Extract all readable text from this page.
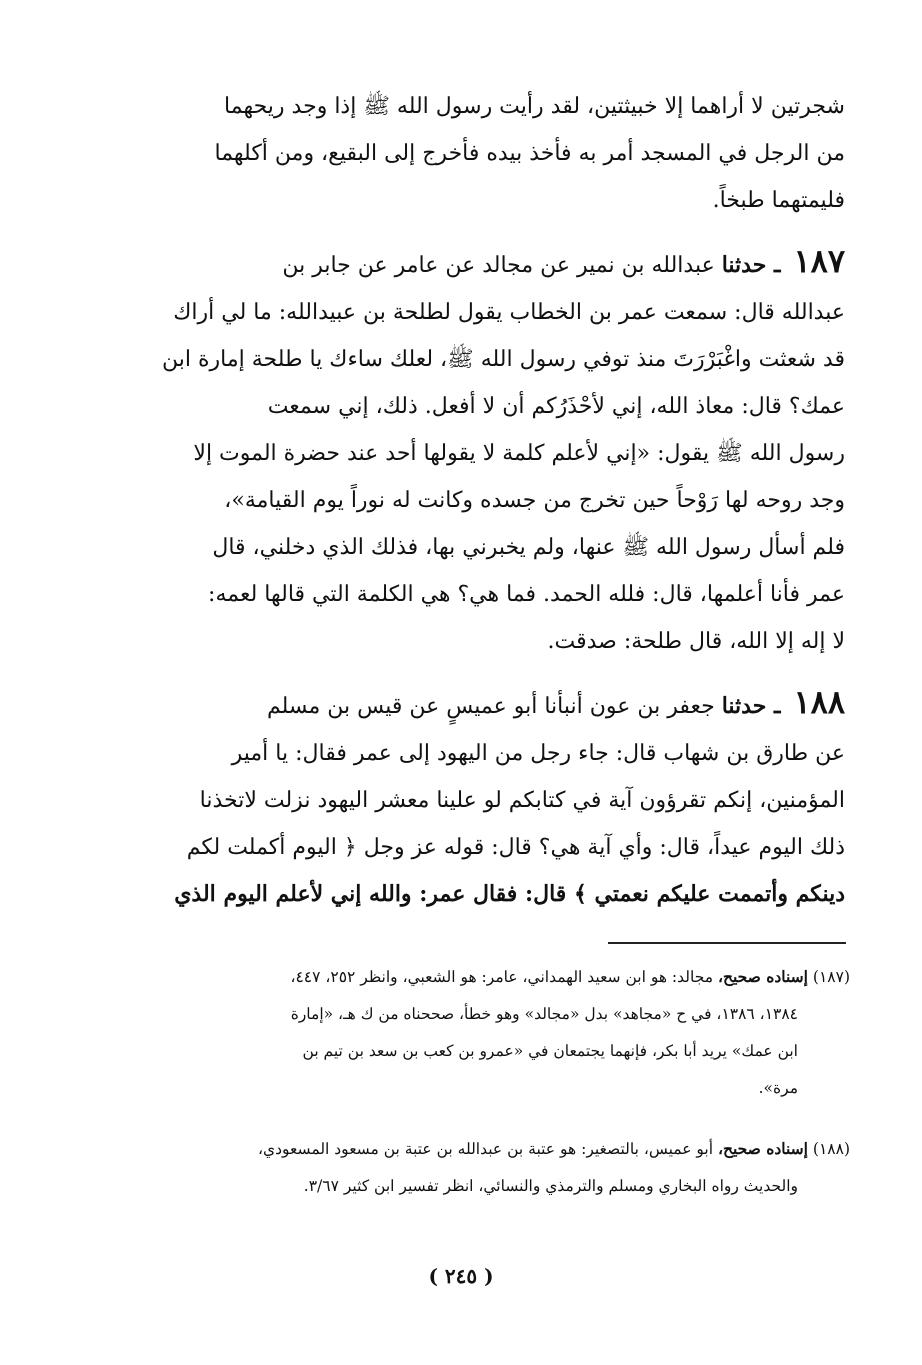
شجرتين لا أراهما إلا خبيثتين، لقد رأيت رسول الله ﷺ إذا وجد ريحهما
من الرجل في المسجد أمر به فأخذ بيده فأخرج إلى البقيع، ومن أكلهما
فليمتهما طبخاً.
١٨٧ ـ حدثنا عبدالله بن نمير عن مجالد عن عامر عن جابر بن
عبدالله قال: سمعت عمر بن الخطاب يقول لطلحة بن عبيدالله: ما لي أراك
قد شعثت واغْبَرْرَتَ منذ توفي رسول الله ﷺ، لعلك ساءك يا طلحة إمارة ابن
عمك؟ قال: معاذ الله، إني لأحْذَرُكم أن لا أفعل. ذلك، إني سمعت
رسول الله ﷺ يقول: «إني لأعلم كلمة لا يقولها أحد عند حضرة الموت إلا
وجد روحه لها رَوْحاً حين تخرج من جسده وكانت له نوراً يوم القيامة»،
فلم أسأل رسول الله ﷺ عنها، ولم يخبرني بها، فذلك الذي دخلني، قال
عمر فأنا أعلمها، قال: فلله الحمد. فما هي؟ هي الكلمة التي قالها لعمه:
لا إله إلا الله، قال طلحة: صدقت.
١٨٨ ـ حدثنا جعفر بن عون أنبأنا أبو عميسٍ عن قيس بن مسلم
عن طارق بن شهاب قال: جاء رجل من اليهود إلى عمر فقال: يا أمير
المؤمنين، إنكم تقرؤون آية في كتابكم لو علينا معشر اليهود نزلت لاتخذنا
ذلك اليوم عيداً، قال: وأي آية هي؟ قال: قوله عز وجل ﴿ اليوم أكملت لكم
دينكم وأتممت عليكم نعمتي ﴾ قال: فقال عمر: والله إني لأعلم اليوم الذي
(١٨٧) إسناده صحيح، مجالد: هو ابن سعيد الهمداني، عامر: هو الشعبي، وانظر ٢٥٢، ٤٤٧،
١٣٨٤، ١٣٨٦، في ح «مجاهد» بدل «مجالد» وهو خطأ، صححناه من ك هـ، «إمارة
ابن عمك» يريد أبا بكر، فإنهما يجتمعان في «عمرو بن كعب بن سعد بن تيم بن
مرة».
(١٨٨) إسناده صحيح، أبو عميس، بالتصغير: هو عتبة بن عبدالله بن عتبة بن مسعود المسعودي،
والحديث رواه البخاري ومسلم والترمذي والنسائي، انظر تفسير ابن كثير ٣/٦٧.
( ٢٤٥ )
